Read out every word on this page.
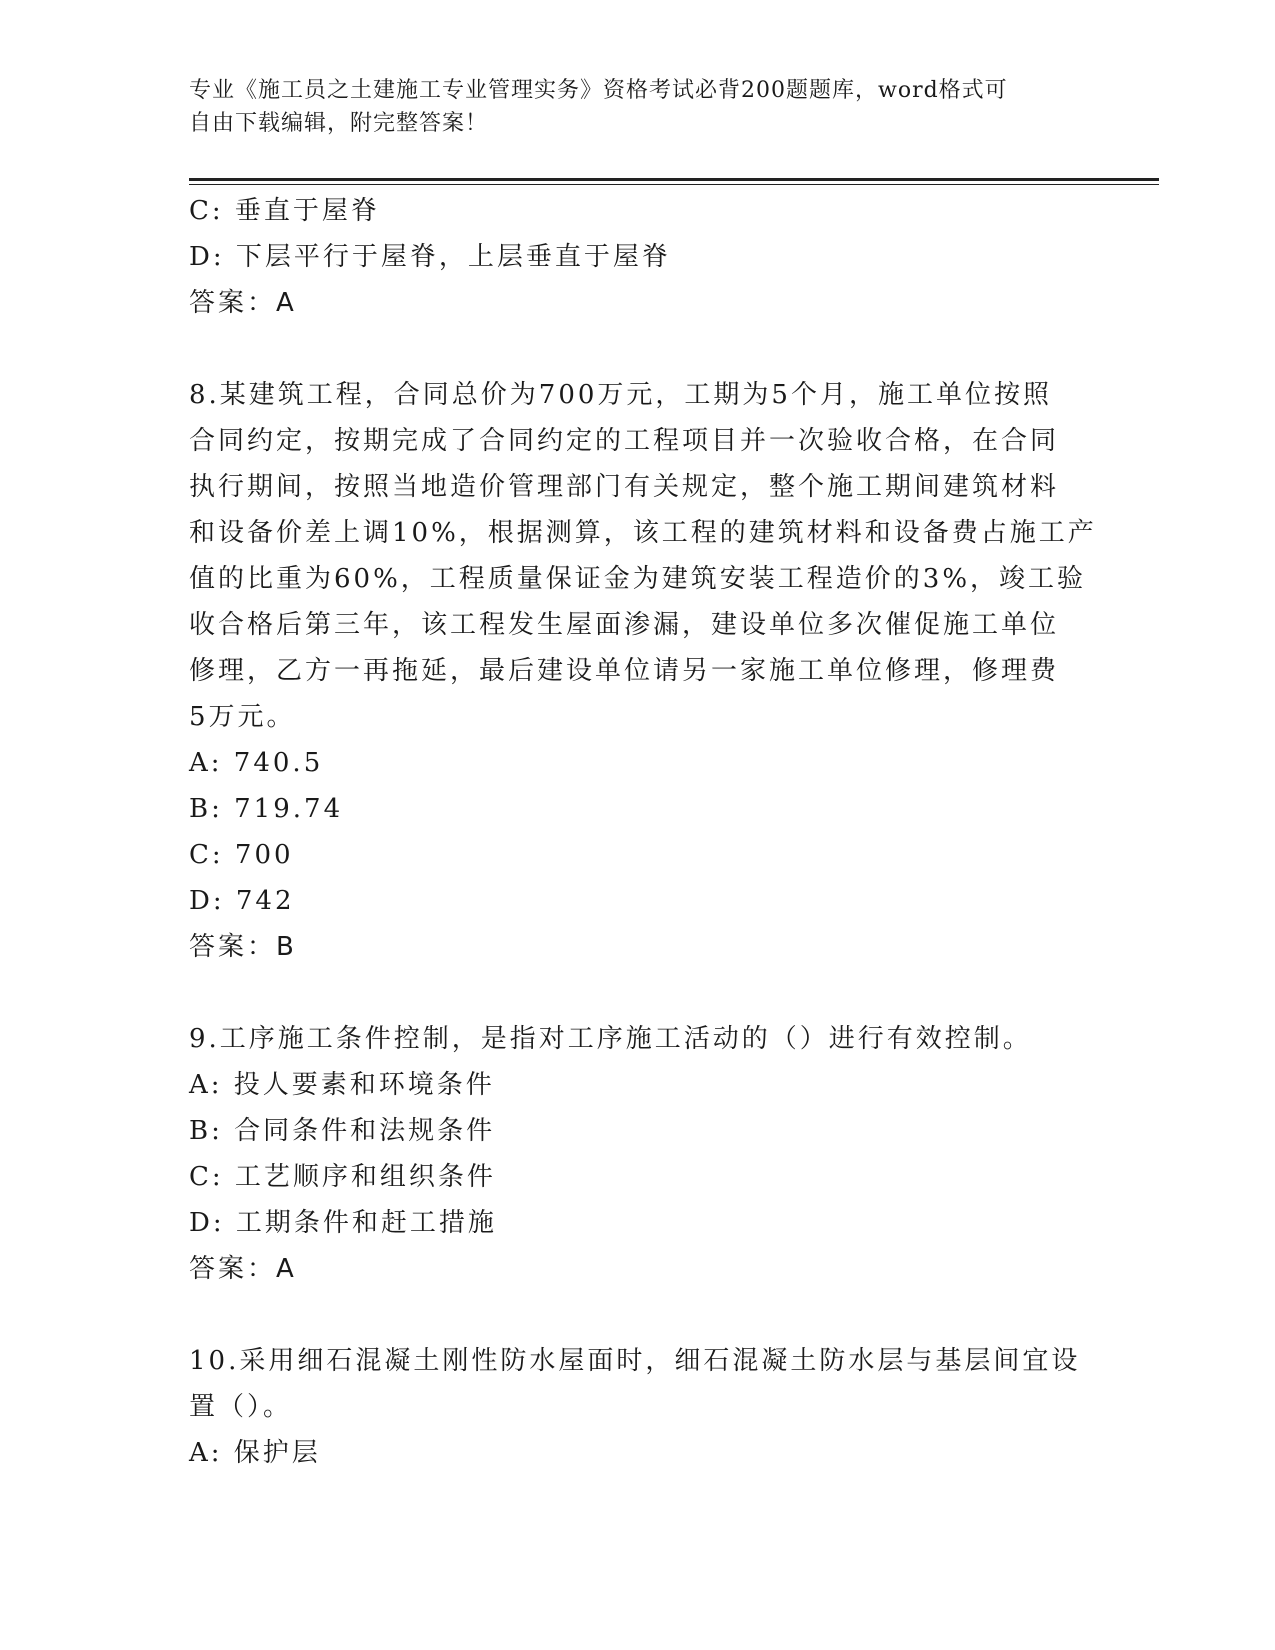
专业《施工员之土建施工专业管理实务》资格考试必背200题题库，word格式可
自由下载编辑，附完整答案！
C: 垂直于屋脊
D: 下层平行于屋脊，上层垂直于屋脊
答案：A
8.某建筑工程，合同总价为700万元，工期为5个月，施工单位按照
合同约定，按期完成了合同约定的工程项目并一次验收合格，在合同
执行期间，按照当地造价管理部门有关规定，整个施工期间建筑材料
和设备价差上调10%，根据测算，该工程的建筑材料和设备费占施工产
值的比重为60%，工程质量保证金为建筑安装工程造价的3%，竣工验
收合格后第三年，该工程发生屋面渗漏，建设单位多次催促施工单位
修理，乙方一再拖延，最后建设单位请另一家施工单位修理，修理费
5万元。
A: 740.5
B: 719.74
C: 700
D: 742
答案：B
9.工序施工条件控制，是指对工序施工活动的（）进行有效控制。
A: 投人要素和环境条件
B: 合同条件和法规条件
C: 工艺顺序和组织条件
D: 工期条件和赶工措施
答案：A
10.采用细石混凝土刚性防水屋面时，细石混凝土防水层与基层间宜设
置（）。
A: 保护层
